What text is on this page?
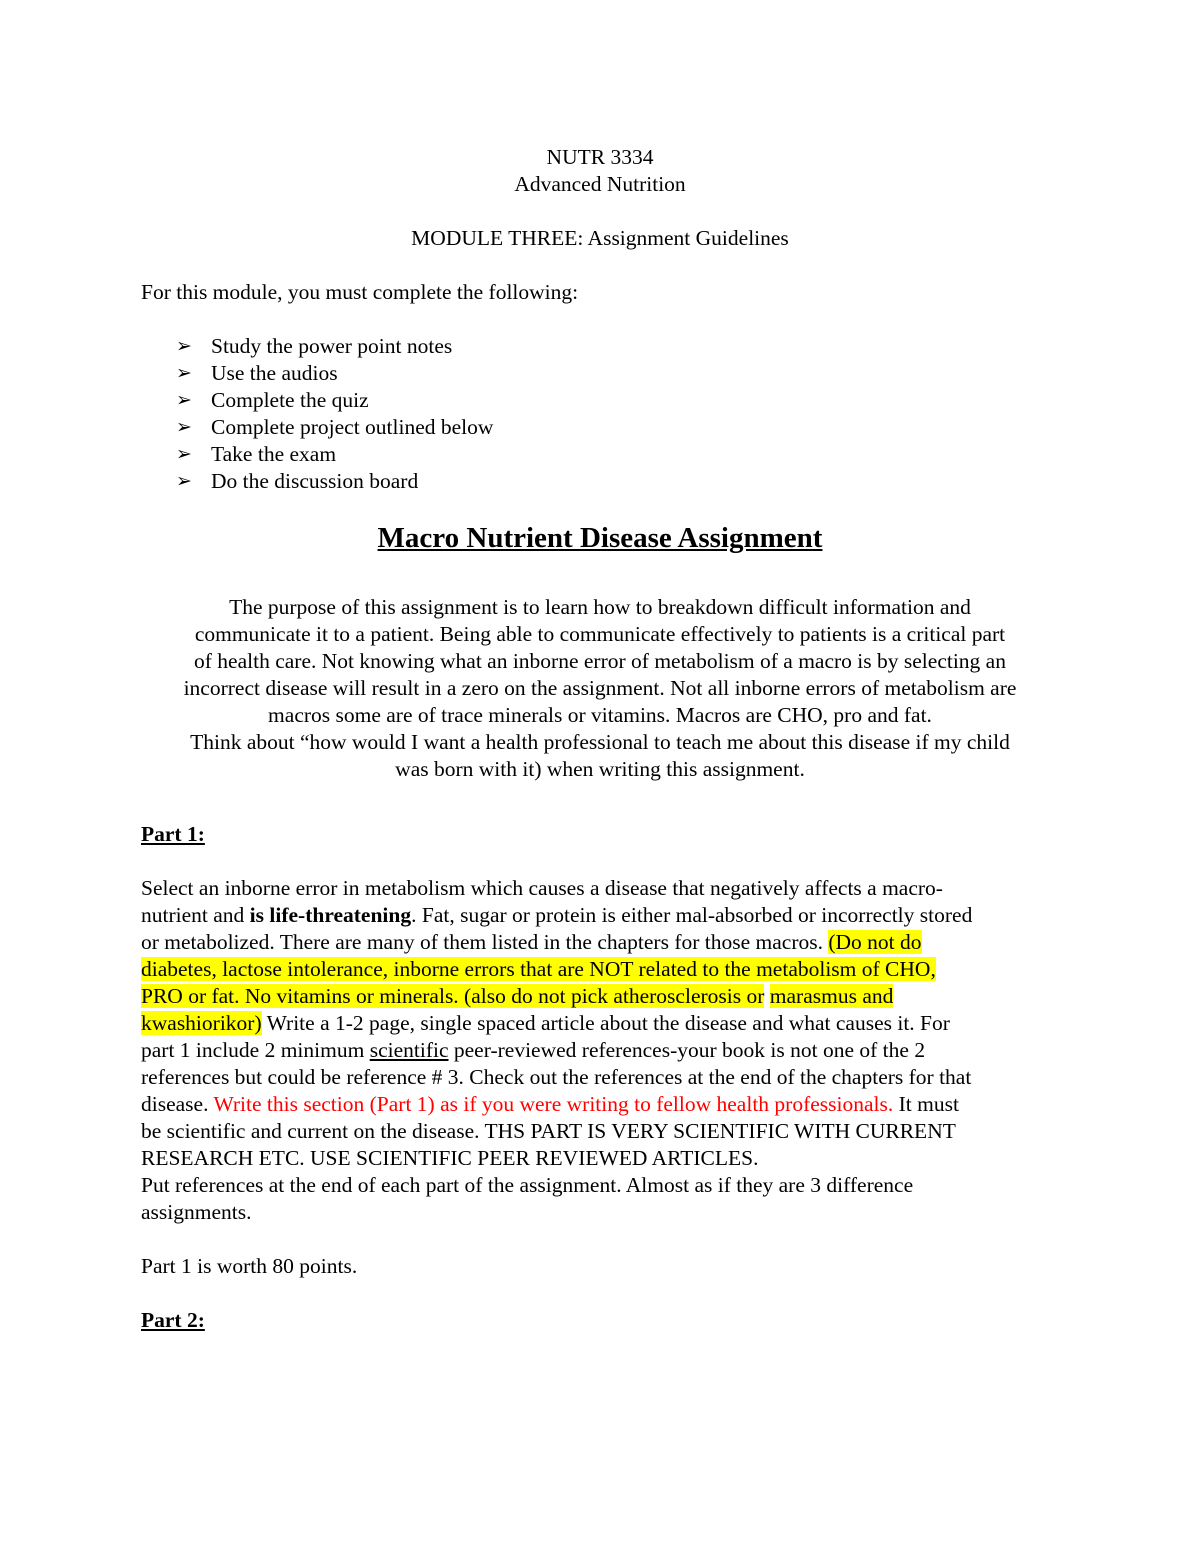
NUTR 3334

Advanced Nutrition

MODULE THREE: Assignment Guidelines

For this module, you must complete the following:

➢ Study the power point notes
➢ Use the audios
➢ Complete the quiz
➢ Complete project outlined below
➢ Take the exam
➢ Do the discussion board

Macro Nutrient Disease Assignment

The purpose of this assignment is to learn how to breakdown difficult information and

communicate it to a patient. Being able to communicate effectively to patients is a critical part

of health care. Not knowing what an inborne error of metabolism of a macro is by selecting an

incorrect disease will result in a zero on the assignment. Not all inborne errors of metabolism are

macros some are of trace minerals or vitamins. Macros are CHO, pro and fat.

Think about “how would I want a health professional to teach me about this disease if my child

was born with it) when writing this assignment.

Part 1:

Select an inborne error in metabolism which causes a disease that negatively affects a macro-

nutrient and is life-threatening. Fat, sugar or protein is either mal-absorbed or incorrectly stored

or metabolized. There are many of them listed in the chapters for those macros. (Do not do

diabetes, lactose intolerance, inborne errors that are NOT related to the metabolism of CHO,

PRO or fat. No vitamins or minerals. (also do not pick atherosclerosis or marasmus and

kwashiorikor) Write a 1-2 page, single spaced article about the disease and what causes it. For

part 1 include 2 minimum scientific peer-reviewed references-your book is not one of the 2

references but could be reference # 3. Check out the references at the end of the chapters for that

disease. Write this section (Part 1) as if you were writing to fellow health professionals. It must

be scientific and current on the disease. THS PART IS VERY SCIENTIFIC WITH CURRENT

RESEARCH ETC. USE SCIENTIFIC PEER REVIEWED ARTICLES.

Put references at the end of each part of the assignment. Almost as if they are 3 difference

assignments.

Part 1 is worth 80 points.

Part 2:
